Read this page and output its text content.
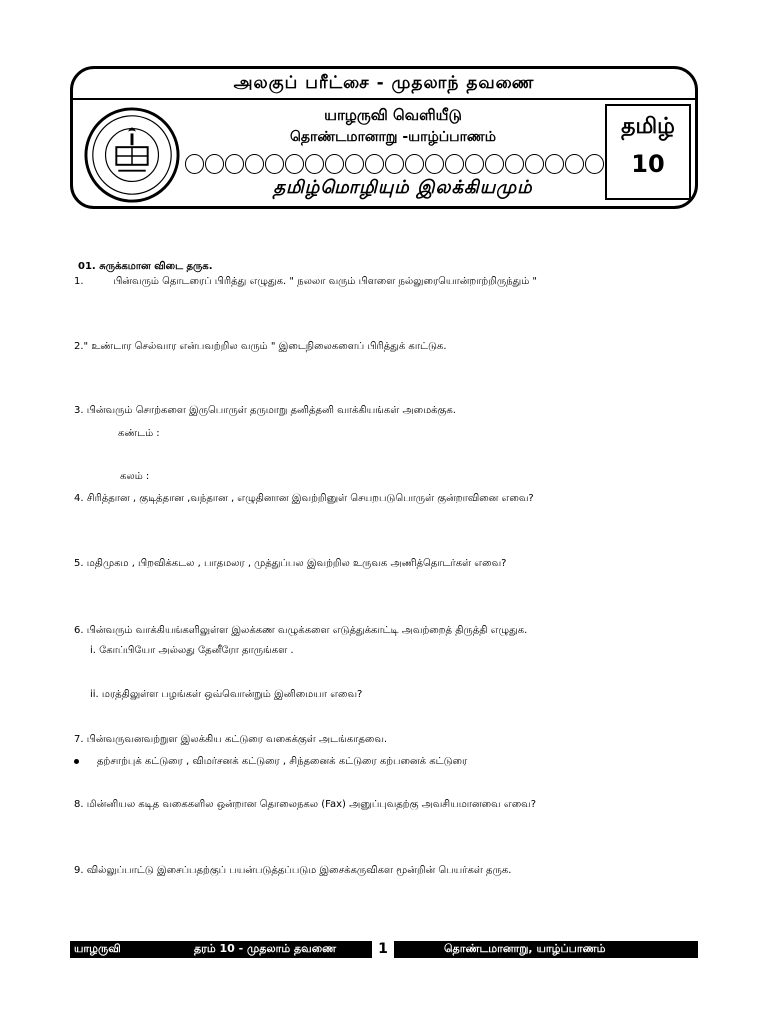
அலகுப் பரீட்சை - முதலாந் தவணை
யாழருவி வெளியீடு
தொண்டமானாறு -யாழ்ப்பாணம்
தமிழ்மொழியும் இலக்கியமும்
தமிழ்
10
01. சுருக்கமான விடை தருக.
1.	பின்வரும் தொடரைப் பிரித்து எழுதுக. " நலலா வரும் பிளளை நல்லுரையொன்றாற்றிருந்தும் "
2." உண்டார செல்வார என்பவற்றில வரும் " இடைநிலைகளைப் பிரித்துக் காட்டுக.
3. பின்வரும் சொற்களை இருபொருள் தருமாறு தனித்தனி வாக்கியங்கள் அமைக்குக.
கண்டம் :
கலம் :
4. சிரித்தான , குடித்தான ,வந்தான , எழுதினான இவற்றினுள் செயறபடுபொருள் குன்றாவினை எவை?
5. மதிமுகம , பிறவிக்கடல , பாதமலர , முத்துப்பல இவற்றில உருவக அணித்தொடர்கள் எவை?
6. பின்வரும் வாக்கியங்களிலுள்ள இலக்கண வழுக்களை எடுத்துக்காட்டி அவற்றைத் திருத்தி எழுதுக.
i. கோப்பியோ அல்லது தேனீரோ தாருங்கள .
ii. மரத்திலுள்ள பழங்கள் ஒவ்வொன்றும் இனிமையா எவை?
7. பின்வருவனவற்றுள இலக்கிய கட்டுரை வகைக்குள் அடங்காதவை.
தற்சாற்புக் கட்டுரை , விமர்சனக் கட்டுரை , சிந்தனைக் கட்டுரை கற்பனைக் கட்டுரை
8. மின்னியல கடித வகைகளில ஒன்றான தொலைநகல (Fax) அனுப்புவதற்கு அவசியமானவை எவை?
9. வில்லுப்பாட்டு இசைப்பதற்குப் பயன்படுத்தப்படும இசைக்கருவிகள மூன்றின் பெயர்கள் தருக.
யாழருவி	தரம் 10 - முதலாம் தவணை	1	தொண்டமானாறு, யாழ்ப்பாணம்
